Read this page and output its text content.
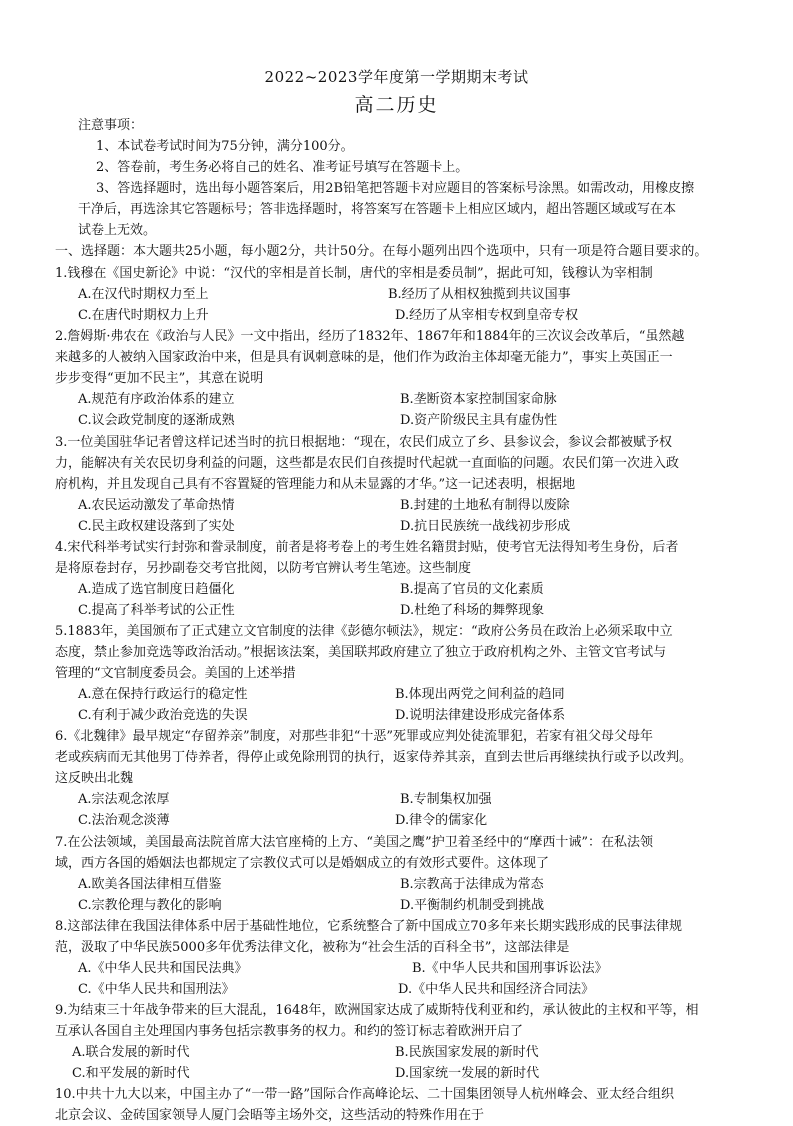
2022~2023学年度第一学期期末考试
高二历史
注意事项：
1、本试卷考试时间为75分钟，满分100分。
2、答卷前，考生务必将自己的姓名、准考证号填写在答题卡上。
3、答选择题时，选出每小题答案后，用2B铅笔把答题卡对应题目的答案标号涂黑。如需改动，用橡皮擦
干净后，再选涂其它答题标号；答非选择题时，将答案写在答题卡上相应区域内，超出答题区域或写在本
试卷上无效。
一、选择题：本大题共25小题，每小题2分，共计50分。在每小题列出四个选项中，只有一项是符合题目要求的。
1.钱穆在《国史新论》中说：“汉代的宰相是首长制，唐代的宰相是委员制”，据此可知，钱穆认为宰相制
A.在汉代时期权力至上	B.经历了从相权独揽到共议国事
C.在唐代时期权力上升	D.经历了从宰相专权到皇帝专权
2.詹姆斯·弗农在《政治与人民》一文中指出，经历了1832年、1867年和1884年的三次议会改革后，“虽然越
来越多的人被纳入国家政治中来，但是具有讽刺意味的是，他们作为政治主体却毫无能力”，事实上英国正一
步步变得“更加不民主”，其意在说明
A.规范有序政治体系的建立	B.垄断资本家控制国家命脉
C.议会政党制度的逐渐成熟	D.资产阶级民主具有虚伪性
3.一位美国驻华记者曾这样记述当时的抗日根据地：“现在，农民们成立了乡、县参议会，参议会都被赋予权
力，能解决有关农民切身利益的问题，这些都是农民们自孩提时代起就一直面临的问题。农民们第一次进入政
府机构，并且发现自己具有不容置疑的管理能力和从未显露的才华。”这一记述表明，根据地
A.农民运动激发了革命热情	B.封建的土地私有制得以废除
C.民主政权建设落到了实处	D.抗日民族统一战线初步形成
4.宋代科举考试实行封弥和誊录制度，前者是将考卷上的考生姓名籍贯封贴，使考官无法得知考生身份，后者
是将原卷封存，另抄副卷交考官批阅，以防考官辨认考生笔迹。这些制度
A.造成了选官制度日趋僵化	B.提高了官员的文化素质
C.提高了科举考试的公正性	D.杜绝了科场的舞弊现象
5.1883年，美国颁布了正式建立文官制度的法律《彭德尔顿法》，规定：“政府公务员在政治上必须采取中立
态度，禁止参加竞选等政治活动。”根据该法案，美国联邦政府建立了独立于政府机构之外、主管文官考试与
管理的“文官制度委员会。美国的上述举措
A.意在保持行政运行的稳定性	B.体现出两党之间利益的趋同
C.有利于减少政治竞选的失误	D.说明法律建设形成完备体系
6.《北魏律》最早规定“存留养亲”制度，对那些非犯“十恶”死罪或应判处徒流罪犯，若家有祖父母父母年
老或疾病而无其他男丁侍养者，得停止或免除刑罚的执行，返家侍养其亲，直到去世后再继续执行或予以改判。
这反映出北魏
A.宗法观念浓厚	B.专制集权加强
C.法治观念淡薄	D.律令的儒家化
7.在公法领域，美国最高法院首席大法官座椅的上方、“美国之鹰”护卫着圣经中的“摩西十诫”：在私法领
域，西方各国的婚姻法也都规定了宗教仪式可以是婚姻成立的有效形式要件。这体现了
A.欧美各国法律相互借鉴	B.宗教高于法律成为常态
C.宗教伦理与教化的影响	D.平衡制约机制受到挑战
8.这部法律在我国法律体系中居于基础性地位，它系统整合了新中国成立70多年来长期实践形成的民事法律规
范，汲取了中华民族5000多年优秀法律文化，被称为“社会生活的百科全书”，这部法律是
A.《中华人民共和国民法典》	B.《中华人民共和国刑事诉讼法》
C.《中华人民共和国刑法》	D.《中华人民共和国经济合同法》
9.为结束三十年战争带来的巨大混乱，1648年，欧洲国家达成了威斯特伐利亚和约，承认彼此的主权和平等，相
互承认各国自主处理国内事务包括宗教事务的权力。和约的签订标志着欧洲开启了
A.联合发展的新时代	B.民族国家发展的新时代
C.和平发展的新时代	D.国家统一发展的新时代
10.中共十九大以来，中国主办了“一带一路”国际合作高峰论坛、二十国集团领导人杭州峰会、亚太经合组织
北京会议、金砖国家领导人厦门会晤等主场外交，这些活动的特殊作用在于
